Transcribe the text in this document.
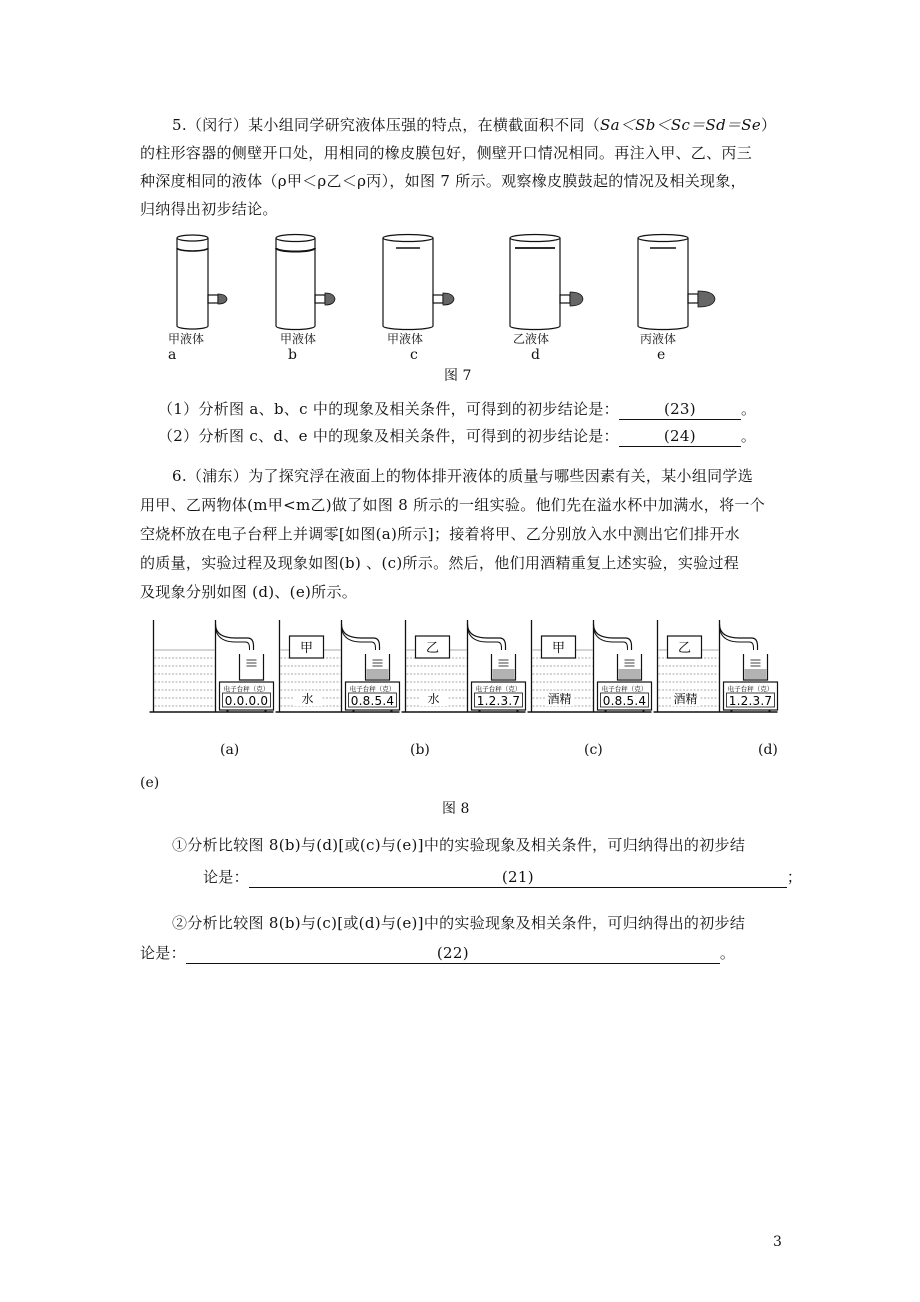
5.（闵行）某小组同学研究液体压强的特点，在横截面积不同（Sa＜Sb＜Sc＝Sd＝Se）
的柱形容器的侧壁开口处，用相同的橡皮膜包好，侧壁开口情况相同。再注入甲、乙、丙三
种深度相同的液体（ρ甲＜ρ乙＜ρ丙），如图 7 所示。观察橡皮膜鼓起的情况及相关现象，
归纳得出初步结论。
甲液体	甲液体	甲液体	乙液体	丙液体
a	b	c	d	e
图 7
（1）分析图 a、b、c 中的现象及相关条件，可得到的初步结论是：	(23)	。
（2）分析图 c、d、e 中的现象及相关条件，可得到的初步结论是：	(24)	。
6.（浦东）为了探究浮在液面上的物体排开液体的质量与哪些因素有关，某小组同学选
用甲、乙两物体(m甲<m乙)做了如图 8 所示的一组实验。他们先在溢水杯中加满水，将一个
空烧杯放在电子台秤上并调零[如图(a)所示]；接着将甲、乙分别放入水中测出它们排开水
的质量，实验过程及现象如图(b) 、(c)所示。然后，他们用酒精重复上述实验，实验过程
及现象分别如图 (d)、(e)所示。
电子台秤（克）
0.0.0.0
甲
水
电子台秤（克）
0.8.5.4
乙
水
电子台秤（克）
1.2.3.7
甲
酒精
电子台秤（克）
0.8.5.4
乙
酒精
电子台秤（克）
1.2.3.7
(a)	(b)	(c)	(d)
(e)
图 8
①分析比较图 8(b)与(d)[或(c)与(e)]中的实验现象及相关条件，可归纳得出的初步结
论是：	(21)	；
②分析比较图 8(b)与(c)[或(d)与(e)]中的实验现象及相关条件，可归纳得出的初步结
论是：	(22)	。
3
